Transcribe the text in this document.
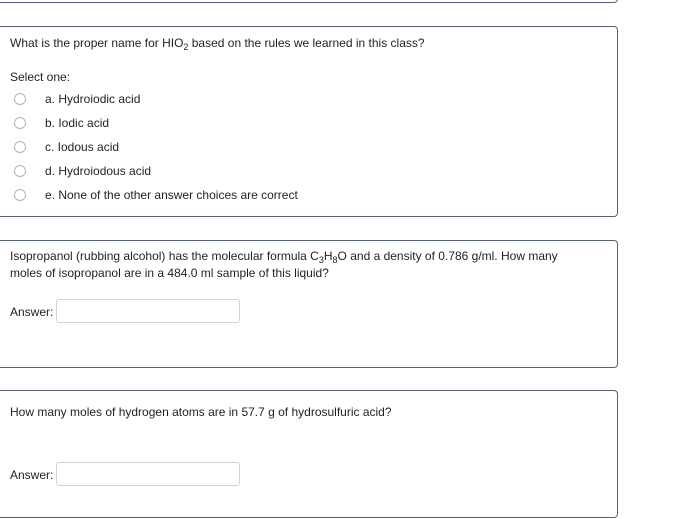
What is the proper name for $HIO_2$ based on the rules we learned in this class?
Select one:
a. Hydroiodic acid
b. Iodic acid
c. Iodous acid
d. Hydroiodous acid
e. None of the other answer choices are correct
Isopropanol (rubbing alcohol) has the molecular formula $C_3H_8O$ and a density of 0.786 g/ml. How many moles of isopropanol are in a 484.0 ml sample of this liquid?
Answer:
How many moles of hydrogen atoms are in 57.7 g of hydrosulfuric acid?
Answer:
